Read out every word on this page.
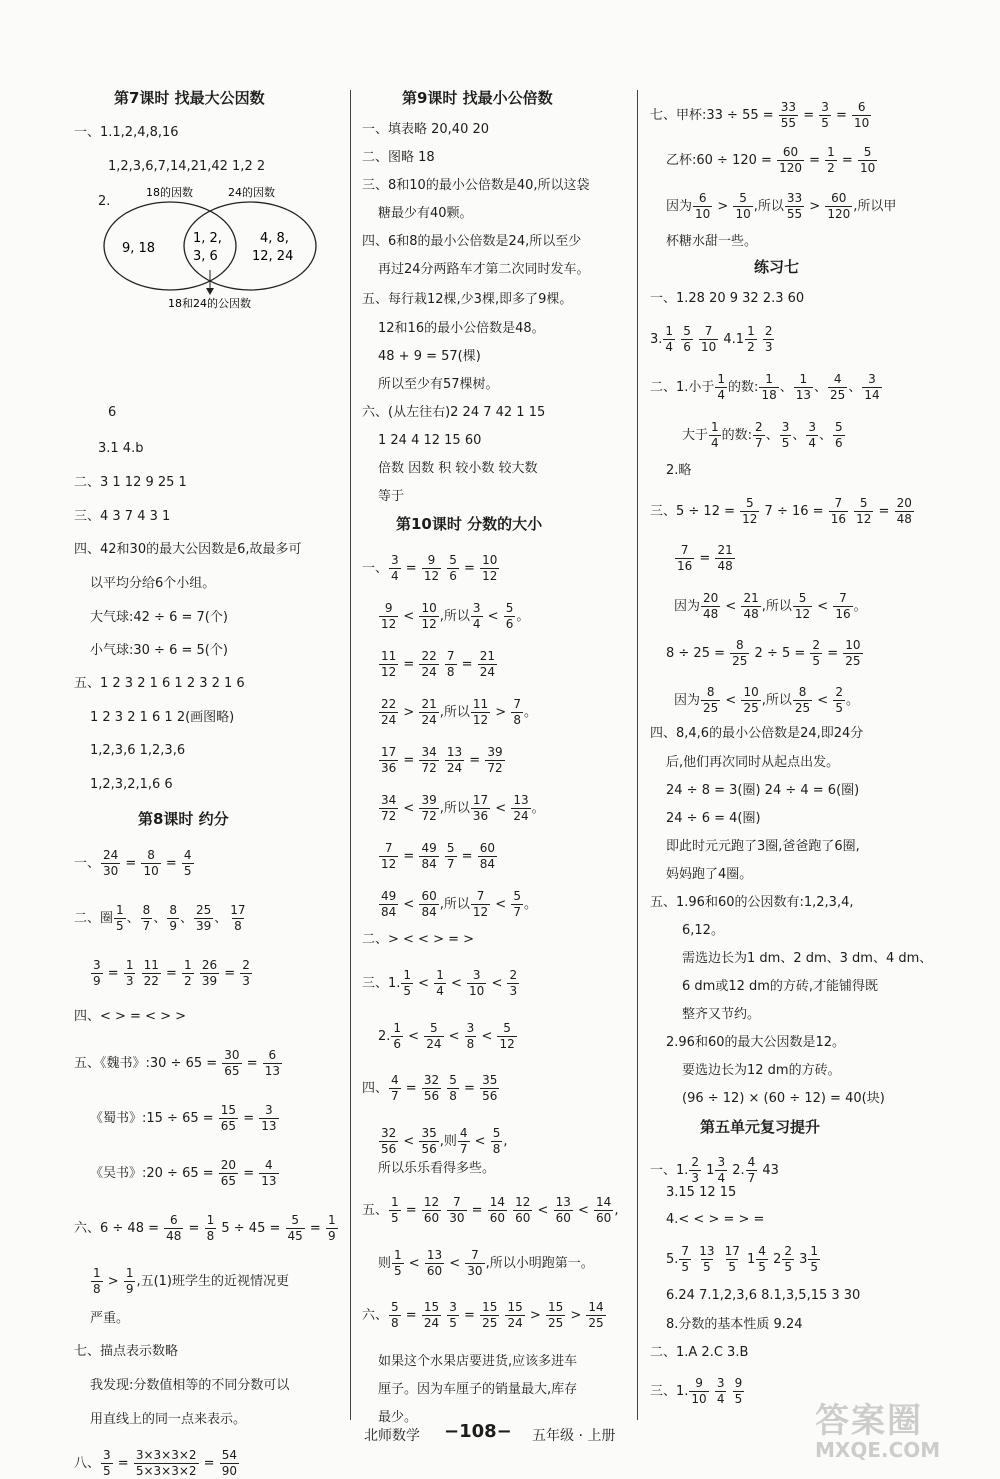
第7课时 找最大公因数
一、1.1,2,4,8,16
1,2,3,6,7,14,21,42 1,2 2
2.
6
3.1 4.b
二、3 1 12 9 25 1
三、4 3 7 4 3 1
四、42和30的最大公因数是6,故最多可
以平均分给6个小组。
大气球:42 ÷ 6 = 7(个)
小气球:30 ÷ 6 = 5(个)
五、1 2 3 2 1 6 1 2 3 2 1 6
1 2 3 2 1 6 1 2(画图略)
1,2,3,6 1,2,3,6
1,2,3,2,1,6 6
第8课时 约分
一、 $\frac{24}{30} = \frac{8}{10} = \frac{4}{5}$
二、圈 $\frac{1}{5}$ 、 $\frac{8}{7}$ 、 $\frac{8}{9}$ 、 $\frac{25}{39}$ 、 $\frac{17}{8}$
$\frac{3}{9} = \frac{1}{3}$
$\frac{11}{22} = \frac{1}{2}$
$\frac{26}{39} = \frac{2}{3}$
四、< > = < > >
五、《魏书》:30 ÷ $65 = \frac{30}{65} = \frac{6}{13}$
《蜀书》:15 ÷ $65 = \frac{15}{65} = \frac{3}{13}$
《吴书》:20 ÷ $65 = \frac{20}{65} = \frac{4}{13}$
六、$6 \div 48 = \frac{6}{48} = \frac{1}{8} 5 \div 45 = \frac{5}{45} = \frac{1}{9}$
$\frac{1}{8} > \frac{1}{9}$ ,五(1)班学生的近视情况更
严重。
七、描点表示数略
我发现:分数值相等的不同分数可以
用直线上的同一点来表示。
八、 $\frac{3}{5} = \frac{3\times 3\times 3\times 2}{5\times 3\times 3\times 2} = \frac{54}{90}$
第9课时 找最小公倍数
一、填表略 20,40 20
二、图略 18
三、8和10的最小公倍数是40,所以这袋
糖最少有40颗。
四、6和8的最小公倍数是24,所以至少
再过24分两路车才第二次同时发车。
五、每行栽12棵,少3棵,即多了9棵。
12和16的最小公倍数是48。
48 + 9 = 57(棵)
所以至少有57棵树。
六、(从左往右)2 24 7 42 1 15
1 24 4 12 15 60
倍数 因数 积 较小数 较大数
等于
第10课时 分数的大小
一、 $\frac{3}{4} = \frac{9}{12}$
$\frac{5}{6} = \frac{10}{12}$
$\frac{9}{12} < \frac{10}{12}$ ,所以 $\frac{3}{4} < \frac{5}{6}$ 。
$\frac{11}{12} = \frac{22}{24}$
$\frac{7}{8} = \frac{21}{24}$
$\frac{22}{24} > \frac{21}{24}$ ,所以 $\frac{11}{12} > \frac{7}{8}$ 。
$\frac{17}{36} = \frac{34}{72}$
$\frac{13}{24} = \frac{39}{72}$
$\frac{34}{72} < \frac{39}{72}$ ,所以 $\frac{17}{36} < \frac{13}{24}$ 。
$\frac{7}{12} = \frac{49}{84}$
$\frac{5}{7} = \frac{60}{84}$
$\frac{49}{84} < \frac{60}{84}$ ,所以 $\frac{7}{12} < \frac{5}{7}$ 。
二、> < < > = >
三、1. $\frac{1}{5} < \frac{1}{4} < \frac{3}{10} < \frac{2}{3}$
2. $\frac{1}{6} < \frac{5}{24} < \frac{3}{8} < \frac{5}{12}$
四、 $\frac{4}{7} = \frac{32}{56}$
$\frac{5}{8} = \frac{35}{56}$
$\frac{32}{56} < \frac{35}{56}$ ,则 $\frac{4}{7} < \frac{5}{8}$ ,
所以乐乐看得多些。
五、 $\frac{1}{5} = \frac{12}{60}$
$\frac{7}{30} = \frac{14}{60}$
$\frac{12}{60} < \frac{13}{60} < \frac{14}{60}$ ,
则 $\frac{1}{5} < \frac{13}{60} < \frac{7}{30}$ ,所以小明跑第一。
六、 $\frac{5}{8} = \frac{15}{24}$
$\frac{3}{5} = \frac{15}{25}$
$\frac{15}{24} > \frac{15}{25} > \frac{14}{25}$
如果这个水果店要进货,应该多进车
厘子。因为车厘子的销量最大,库存
最少。
七、甲杯:33 ÷ $55 = \frac{33}{55} = \frac{3}{5} = \frac{6}{10}$
乙杯:60 ÷ $120 = \frac{60}{120} = \frac{1}{2} = \frac{5}{10}$
因为 $\frac{6}{10} > \frac{5}{10}$ ,所以 $\frac{33}{55} > \frac{60}{120}$ ,所以甲
杯糖水甜一些。
练习七
一、1.28 20 9 32 2.3 60
3. $\frac{1}{4}$
$\frac{5}{6}$
$\frac{7}{10} 4.1 \frac{1}{2}$
$\frac{2}{3}$
二、1.小于 $\frac{1}{4}$ 的数: $\frac{1}{18}$ 、 $\frac{1}{13}$ 、 $\frac{4}{25}$ 、 $\frac{3}{14}$
大于 $\frac{1}{4}$ 的数: $\frac{2}{7}$ 、 $\frac{3}{5}$ 、 $\frac{3}{4}$ 、 $\frac{5}{6}$
2.略
三、$5 \div 12 = \frac{5}{12} 7 \div 16 = \frac{7}{16}$
$\frac{5}{12} = \frac{20}{48}$
$\frac{7}{16} = \frac{21}{48}$
因为 $\frac{20}{48} < \frac{21}{48}$ ,所以 $\frac{5}{12} < \frac{7}{16}$ 。
$8 \div 25 = \frac{8}{25} 2 \div 5 = \frac{2}{5} = \frac{10}{25}$
因为 $\frac{8}{25} < \frac{10}{25}$ ,所以 $\frac{8}{25} < \frac{2}{5}$ 。
四、8,4,6的最小公倍数是24,即24分
后,他们再次同时从起点出发。
24 ÷ 8 = 3(圈) 24 ÷ 4 = 6(圈)
24 ÷ 6 = 4(圈)
即此时元元跑了3圈,爸爸跑了6圈,
妈妈跑了4圈。
五、1.96和60的公因数有:1,2,3,4,
6,12。
需选边长为1 dm、2 dm、3 dm、4 dm、
6 dm或12 dm的方砖,才能铺得既
整齐又节约。
2.96和60的最大公因数是12。
要选边长为12 dm的方砖。
(96 ÷ 12) × (60 ÷ 12) = 40(块)
第五单元复习提升
一、1. $\frac{2}{3} 1 \frac{3}{4} 2$. $\frac{4}{7} 43$
3.15 12 15
4.< < > = > =
5. $\frac{7}{5}$
$\frac{13}{5}$
$\frac{17}{5} 1 \frac{4}{5} 2 \frac{2}{5} 3 \frac{1}{5}$
6.24 7.1,2,3,6 8.1,3,5,15 3 30
8.分数的基本性质 9.24
二、1.A 2.C 3.B
三、1. $\frac{9}{10}$
$\frac{3}{4}$
$\frac{9}{5}$
18的因数	24的因数
9, 18
1, 2,
3, 6
4, 8,
12, 24
18和24的公因数
北师数学 −108− 五年级 · 上册	答案圈
MXQE.COM
